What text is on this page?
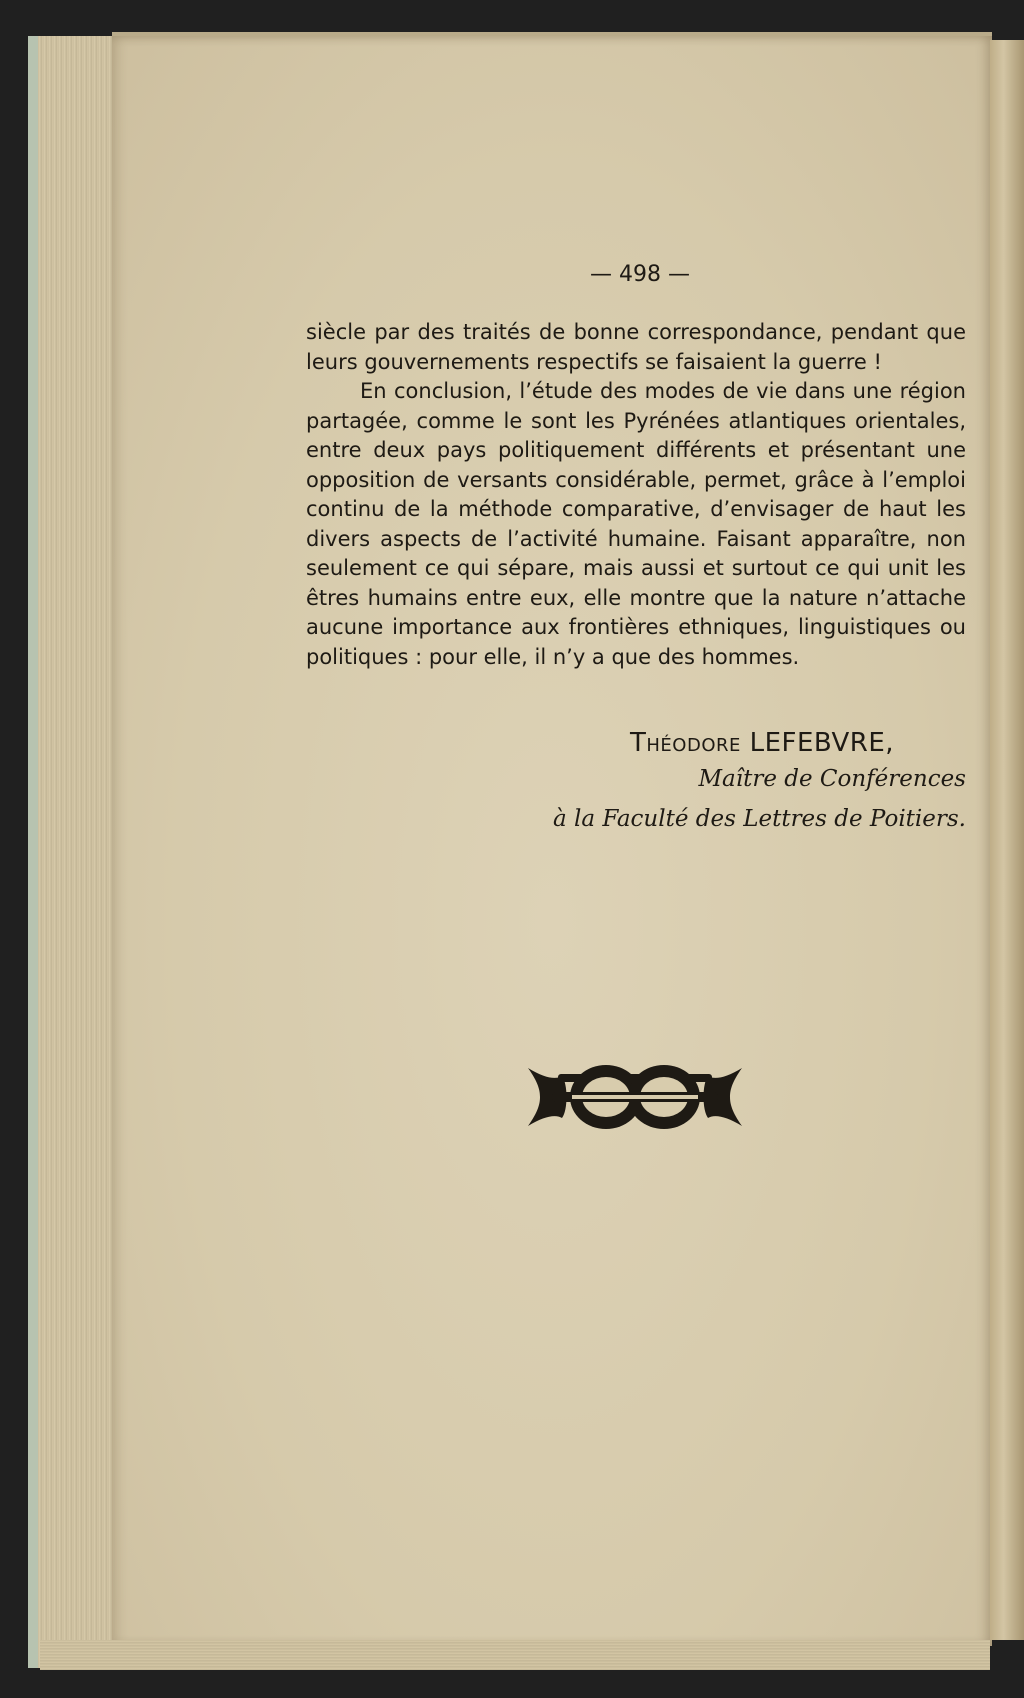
— 498 —

siècle par des traités de bonne correspondance, pendant que leurs gouvernements respectifs se faisaient la guerre !

En conclusion, l’étude des modes de vie dans une région partagée, comme le sont les Pyrénées atlantiques orientales, entre deux pays politiquement différents et présentant une opposition de versants considérable, permet, grâce à l’emploi continu de la méthode comparative, d’envisager de haut les divers aspects de l’activité humaine. Faisant apparaître, non seulement ce qui sépare, mais aussi et surtout ce qui unit les êtres humains entre eux, elle montre que la nature n’attache aucune importance aux frontières ethniques, linguistiques ou politiques : pour elle, il n’y a que des hommes.

Théodore LEFEBVRE,
Maître de Conférences
à la Faculté des Lettres de Poitiers.
